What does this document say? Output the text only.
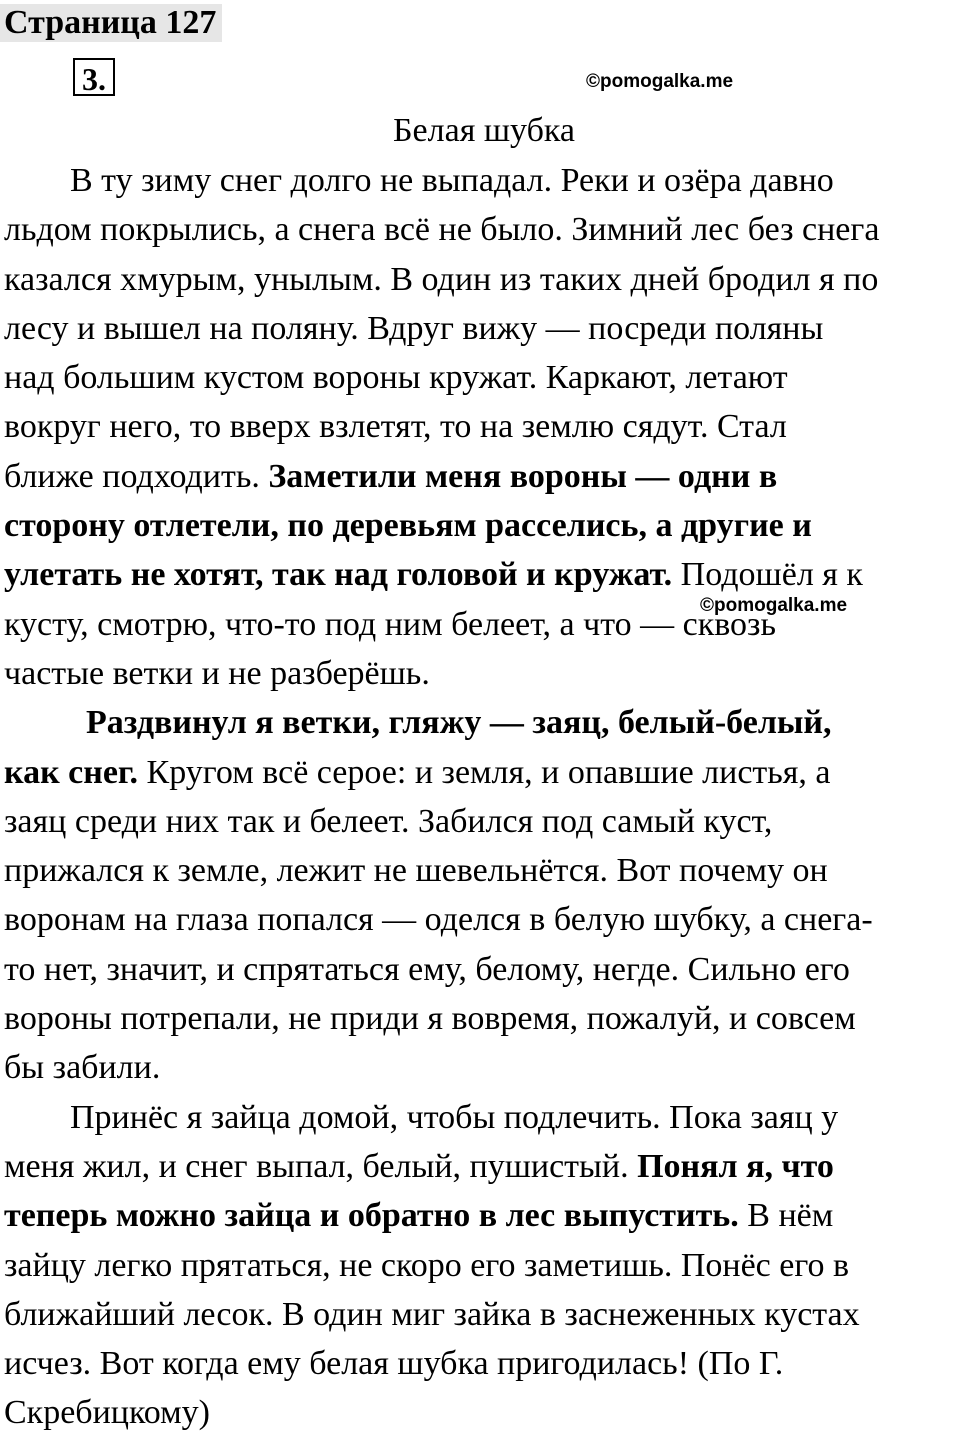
Страница 127
3.	©pomogalka.me
Белая шубка
В ту зиму снег долго не выпадал. Реки и озёра давно
льдом покрылись, а снега всё не было. Зимний лес без снега
казался хмурым, унылым. В один из таких дней бродил я по
лесу и вышел на поляну. Вдруг вижу — посреди поляны
над большим кустом вороны кружат. Каркают, летают
вокруг него, то вверх взлетят, то на землю сядут. Стал
ближе подходить. Заметили меня вороны — одни в
сторону отлетели, по деревьям расселись, а другие и
улетать не хотят, так над головой и кружат. Подошёл я к
кусту, смотрю, что-то под ним белеет, а что — сквозь
частые ветки и не разберёшь.
Раздвинул я ветки, гляжу — заяц, белый-белый,
как снег. Кругом всё серое: и земля, и опавшие листья, а
заяц среди них так и белеет. Забился под самый куст,
прижался к земле, лежит не шевельнётся. Вот почему он
воронам на глаза попался — оделся в белую шубку, а снега-
то нет, значит, и спрятаться ему, белому, негде. Сильно его
вороны потрепали, не приди я вовремя, пожалуй, и совсем
бы забили.
Принёс я зайца домой, чтобы подлечить. Пока заяц у
меня жил, и снег выпал, белый, пушистый. Понял я, что
теперь можно зайца и обратно в лес выпустить. В нём
зайцу легко прятаться, не скоро его заметишь. Понёс его в
ближайший лесок. В один миг зайка в заснеженных кустах
исчез. Вот когда ему белая шубка пригодилась! (По Г.
Скребицкому)
©pomogalka.me
